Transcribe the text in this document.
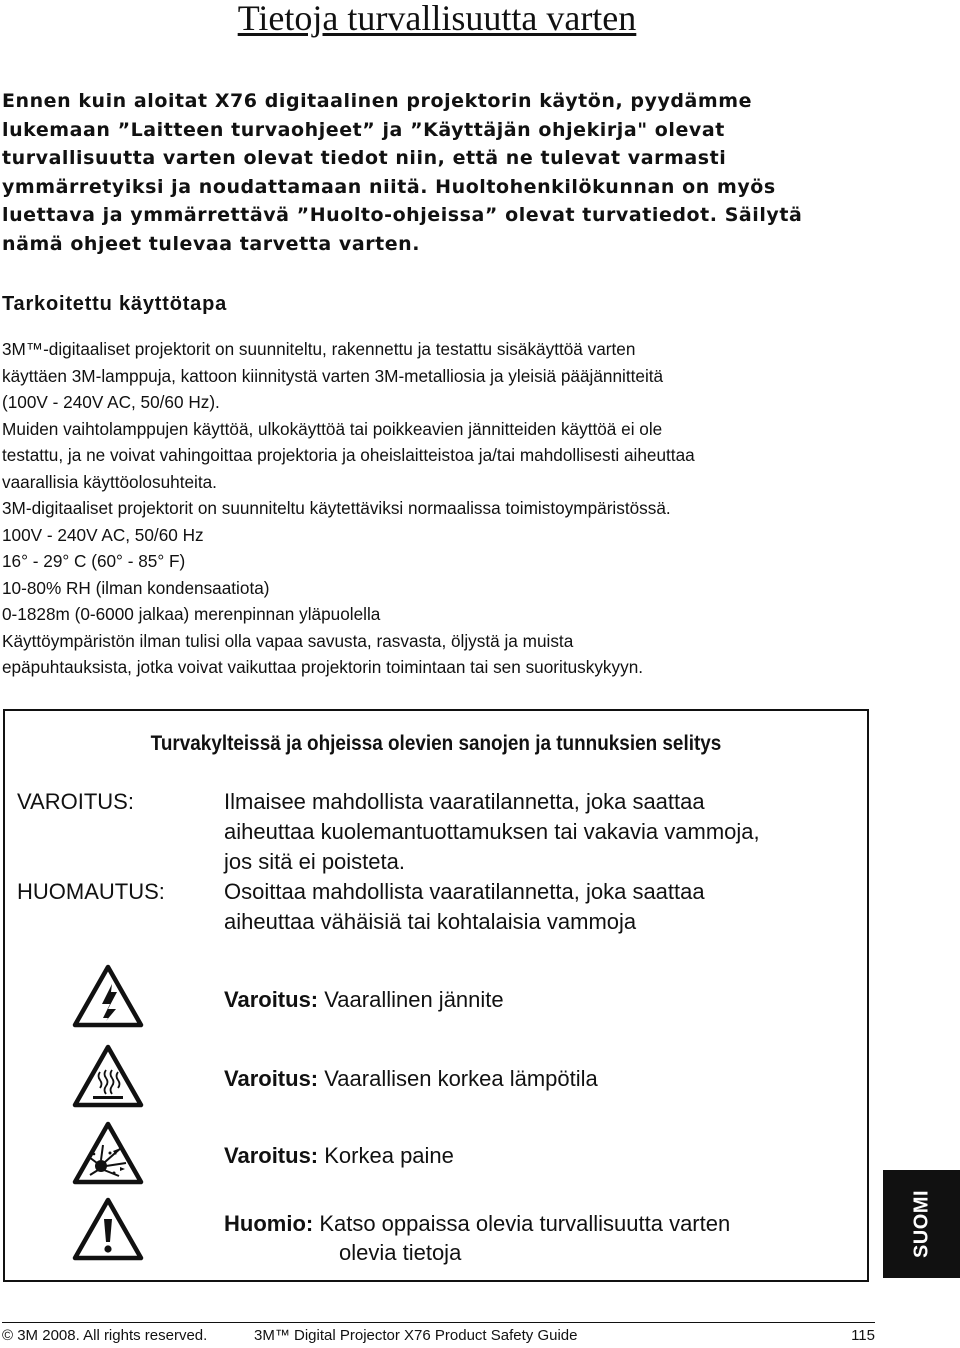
Tietoja turvallisuutta varten
Ennen kuin aloitat X76 digitaalinen projektorin käytön, pyydämme
lukemaan ”Laitteen turvaohjeet” ja ”Käyttäjän ohjekirja" olevat
turvallisuutta varten olevat tiedot niin, että ne tulevat varmasti
ymmärretyiksi ja noudattamaan niitä. Huoltohenkilökunnan on myös
luettava ja ymmärrettävä ”Huolto-ohjeissa” olevat turvatiedot. Säilytä
nämä ohjeet tulevaa tarvetta varten.
Tarkoitettu käyttötapa
3M™-digitaaliset projektorit on suunniteltu, rakennettu ja testattu sisäkäyttöä varten
käyttäen 3M-lamppuja, kattoon kiinnitystä varten 3M-metalliosia ja yleisiä pääjännitteitä
(100V - 240V AC, 50/60 Hz).
Muiden vaihtolamppujen käyttöä, ulkokäyttöä tai poikkeavien jännitteiden käyttöä ei ole
testattu, ja ne voivat vahingoittaa projektoria ja oheislaitteistoa ja/tai mahdollisesti aiheuttaa
vaarallisia käyttöolosuhteita.
3M-digitaaliset projektorit on suunniteltu käytettäviksi normaalissa toimistoympäristössä.
100V - 240V AC, 50/60 Hz
16° - 29° C (60° - 85° F)
10-80% RH (ilman kondensaatiota)
0-1828m (0-6000 jalkaa) merenpinnan yläpuolella
Käyttöympäristön ilman tulisi olla vapaa savusta, rasvasta, öljystä ja muista
epäpuhtauksista, jotka voivat vaikuttaa projektorin toimintaan tai sen suorituskykyyn.
Turvakylteissä ja ohjeissa olevien sanojen ja tunnuksien selitys
VAROITUS:	Ilmaisee mahdollista vaaratilannetta, joka saattaa
aiheuttaa kuolemantuottamuksen tai vakavia vammoja,
jos sitä ei poisteta.
HUOMAUTUS:	Osoittaa mahdollista vaaratilannetta, joka saattaa
aiheuttaa vähäisiä tai kohtalaisia vammoja
Varoitus: Vaarallinen jännite
Varoitus: Vaarallisen korkea lämpötila
Varoitus: Korkea paine
Huomio: Katso oppaissa olevia turvallisuutta varten
olevia tietoja	SUOMI
© 3M 2008. All rights reserved.	3M™ Digital Projector X76 Product Safety Guide	115
